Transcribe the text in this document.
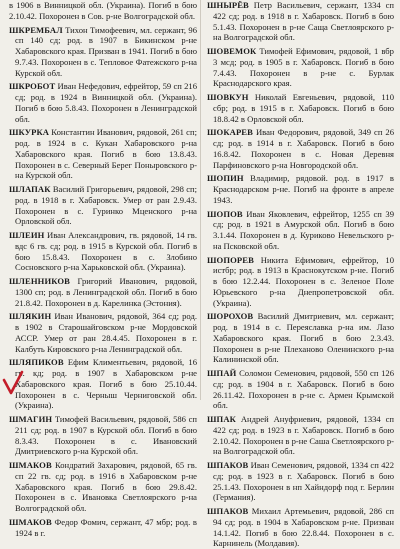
в 1906 в Винницкой обл. (Украина). Погиб в бою 2.10.42. Похоронен в Сов. р-не Волгоградской обл.

ШКРЕМБАЛ Тихон Тимофеевич, мл. сержант, 96 сп 140 сд; род. в 1907 в Бикинском р-не Хабаровского края. Призван в 1941. Погиб в бою 9.7.43. Похоронен в с. Тепловое Фатежского р-на Курской обл.

ШКРОБОТ Иван Нефедович, ефрейтор, 59 сп 216 сд; род. в 1924 в Винницкой обл. (Украина). Погиб в бою 5.8.43. Похоронен в Ленинградской обл.

ШКУРКА Константин Иванович, рядовой, 261 сп; род. в 1924 в с. Кукан Хабаровского р-на Хабаровского края. Погиб в бою 13.8.43. Похоронен в с. Северный Берег Поныровского р-на Курской обл.

ШЛАПАК Василий Григорьевич, рядовой, 298 сп; род. в 1918 в г. Хабаровск. Умер от ран 2.9.43. Похоронен в с. Гуринко Мценского р-на Орловской обл.

ШЛЕИН Иван Александрович, гв. рядовой, 14 гв. вдс 6 гв. сд; род. в 1915 в Курской обл. Погиб в бою 15.8.43. Похоронен в с. Злобино Сосновского р-на Харьковской обл. (Украина).

ШЛЕННИКОВ Григорий Иванович, рядовой, 1300 сп; род. в Ленинградской обл. Погиб в бою 21.8.42. Похоронен в д. Карелинка (Эстония).

ШЛЯКИН Иван Иванович, рядовой, 364 сд; род. в 1902 в Старошайговском р-не Мордовской АССР. Умер от ран 28.4.45. Похоронен в г. Калбуть Кировского р-на Ленинградской обл.

ШЛЯПИКОВ Ефим Климентьевич, рядовой, 16 гв. кд; род. в 1907 в Хабаровском р-не Хабаровского края. Погиб в бою 25.10.44. Похоронен в с. Черныш Черниговской обл. (Украина).

ШМАГИН Тимофей Васильевич, рядовой, 586 сп 211 сд; род. в 1907 в Курской обл. Погиб в бою 8.3.43. Похоронен в с. Ивановский Дмитриевского р-на Курской обл.

ШМАКОВ Кондратий Захарович, рядовой, 65 гв. сп 22 гв. сд; род. в 1916 в Хабаровском р-не Хабаровского края. Погиб в бою 29.8.42. Похоронен в с. Ивановка Светлоярского р-на Волгоградской обл.

ШМАКОВ Федор Фомич, сержант, 47 мбр; род. в 1924 в г.

ШНЫРЁВ Петр Васильевич, сержант, 1334 сп 422 сд; род. в 1918 в г. Хабаровск. Погиб в бою 5.1.43. Похоронен в р-не Саща Светлоярского р-на Волгоградской обл.

ШОВЕМОК Тимофей Ефимович, рядовой, 1 вбр 3 мсд; род. в 1905 в г. Хабаровск. Погиб в бою 7.4.43. Похоронен в р-не с. Бурлак Краснодарского края.

ШОВКУН Николай Евгеньевич, рядовой, 110 сбр; род. в 1915 в г. Хабаровск. Погиб в бою 18.8.42 в Орловской обл.

ШОКАРЕВ Иван Федорович, рядовой, 349 сп 26 сд; род. в 1914 в г. Хабаровск. Погиб в бою 16.8.42. Похоронен в с. Новая Деревня Парфиновского р-на Новгородской обл.

ШОПИН Владимир, рядовой. род. в 1917 в Краснодарском р-не. Погиб на фронте в апреле 1943.

ШОПОВ Иван Яковлевич, ефрейтор, 1255 сп 39 сд; род. в 1921 в Амурской обл. Погиб в бою 3.1.44. Похоронен в д. Куриково Невельского р-на Псковской обл.

ШОПОРЕВ Никита Ефимович, ефрейтор, 10 истбр; род. в 1913 в Краснокутском р-не. Погиб в бою 12.2.44. Похоронен в с. Зеленое Поле Юрьевского р-на Днепропетровской обл. (Украина).

ШОРОХОВ Василий Дмитриевич, мл. сержант; род. в 1914 в с. Переяславка р-на им. Лазо Хабаровского края. Погиб в бою 2.3.43. Похоронен в р-не Плеханово Оленинского р-на Калининской обл.

ШПАЙ Соломон Семенович, рядовой, 550 сп 126 сд; род. в 1904 в г. Хабаровск. Погиб в бою 26.11.42. Похоронен в р-не с. Армен Крымской обл.

ШПАК Андрей Ануфриевич, рядовой, 1334 сп 422 сд; род. в 1923 в г. Хабаровск. Погиб в бою 2.10.42. Похоронен в р-не Саша Светлоярского р-на Волгоградской обл.

ШПАКОВ Иван Семенович, рядовой, 1334 сп 422 сд; род. в 1923 в г. Хабаровск. Погиб в бою 25.1.43. Похоронен в нп Хайндорф под г. Берлин (Германия).

ШПАКОВ Михаил Артемьевич, рядовой, 286 сп 94 сд; род. в 1904 в Хабаровском р-не. Призван 14.1.42. Погиб в бою 22.8.44. Похоронен в с. Карнинель (Молдавия).
